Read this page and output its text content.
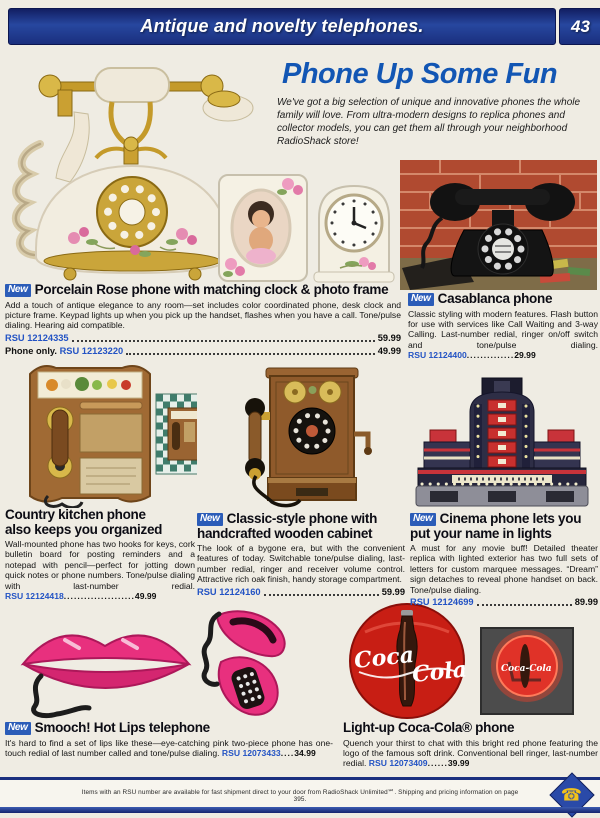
Antique and novelty telephones.	43
Phone Up Some Fun
We've got a big selection of unique and innovative phones the whole family will love. From ultra-modern designs to replica phones and collector models, you can get them all through your neighborhood RadioShack store!
Coca
Cola	Coca-Cola
New Porcelain Rose phone with matching clock & photo frame
Add a touch of antique elegance to any room—set includes color coordinated phone, desk clock and picture frame. Keypad lights up when you pick up the handset, flashes when you have a call. Tone/pulse dialing. Hearing aid compatible.
RSU 12124335	59.99
Phone only.
RSU 12123220	49.99
New Casablanca phone
Classic styling with modern features. Flash button for use with services like Call Waiting and 3-way Calling. Last-number redial, ringer on/off switch and tone/pulse dialing. RSU 12124400..............29.99
Country kitchen phone
also keeps you organized
Wall-mounted phone has two hooks for keys, cork bulletin board for posting reminders and a notepad with pencil—perfect for jotting down quick notes or phone numbers. Tone/pulse dialing with last-number redial. RSU 12124418.....................49.99
New Classic-style phone with
handcrafted wooden cabinet
The look of a bygone era, but with the convenient features of today. Switchable tone/pulse dialing, last-number redial, ringer and receiver volume control. Attractive rich oak finish, handy storage compartment.
RSU 12124160	59.99
New Cinema phone lets you
put your name in lights
A must for any movie buff! Detailed theater replica with lighted exterior has two full sets of letters for custom marquee messages. “Dream” sign detaches to reveal phone handset on back. Tone/pulse dialing.
RSU 12124699	89.99
New Smooch! Hot Lips telephone
It's hard to find a set of lips like these—eye-catching pink two-piece phone has one-touch redial of last number called and tone/pulse dialing. RSU 12073433....34.99
Light-up Coca-Cola® phone
Quench your thirst to chat with this bright red phone featuring the logo of the famous soft drink. Conventional bell ringer, last-number redial. RSU 12073409......39.99
Items with an RSU number are available for fast shipment direct to your door from RadioShack Unlimited℠. Shipping and pricing information on page 395.	☎
